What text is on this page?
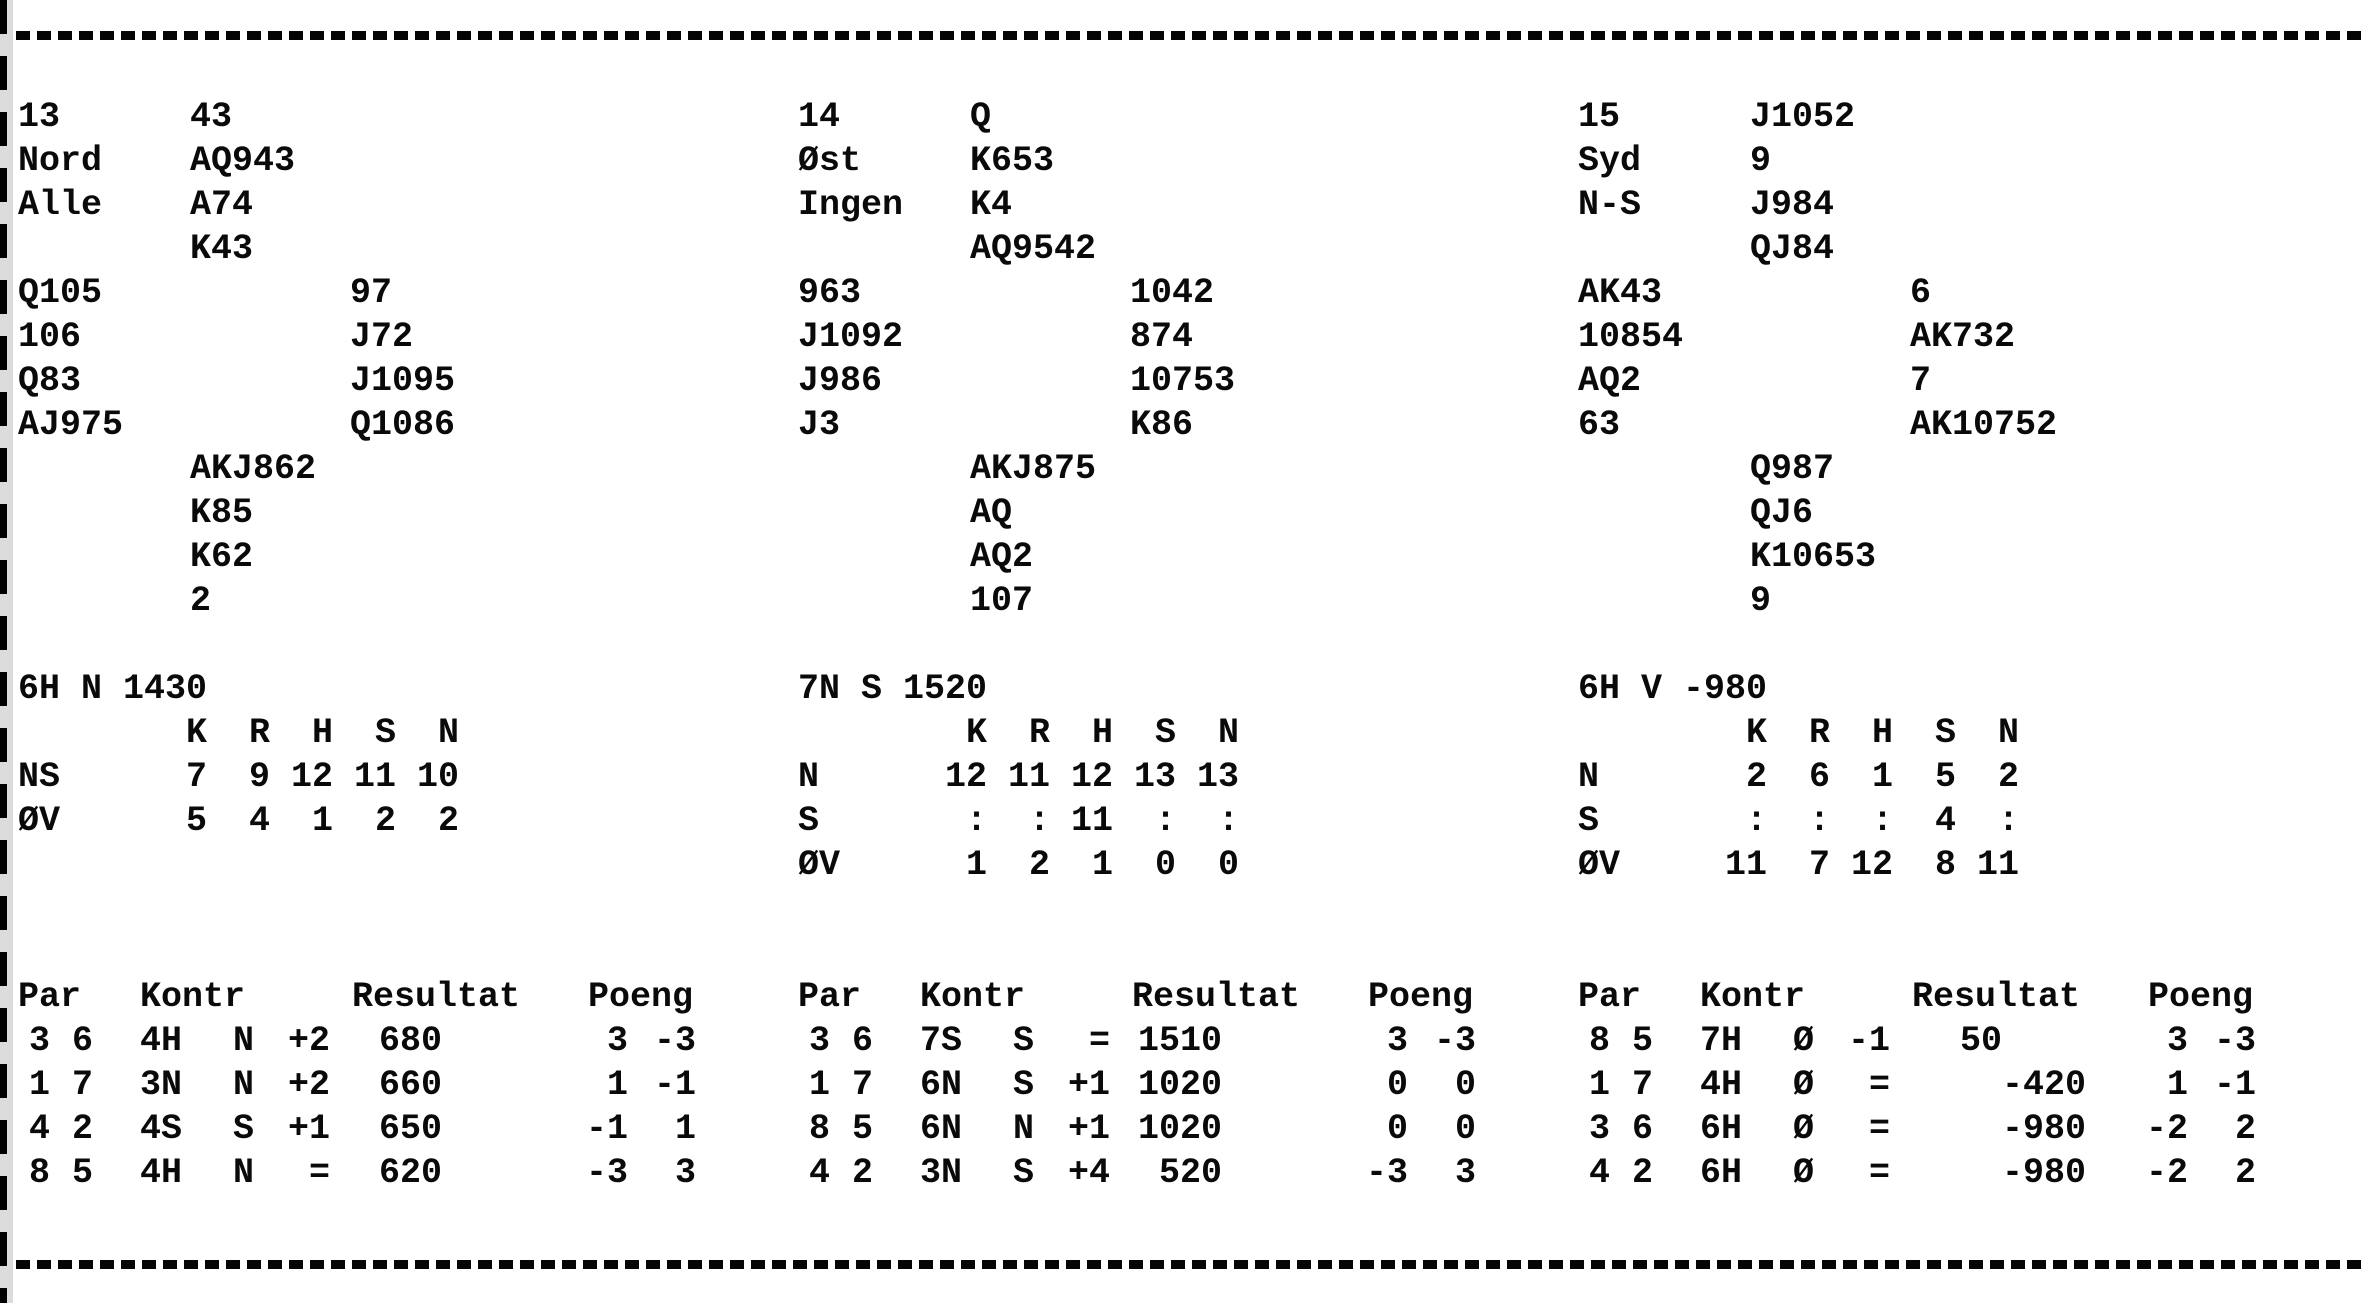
13
Nord
Alle
43
AQ943
A74
K43
Q105
106
Q83
AJ975
97
J72
J1095
Q1086
AKJ862
K85
K62
2
6H N 1430
K	R	H	S	N
NS	7	9 12 11 10
ØV	5	4	1	2	2
Par Kontr	Resultat Poeng
3 6 4H N +2	680	3 -3
1 7 3N N +2	660	1 -1
4 2 4S S +1	650	-1	1
8 5 4H N	=	620	-3	3
14
Øst
Ingen
Q
K653
K4
AQ9542
963
J1092
J986
J3
1042
874
10753
K86
AKJ875
AQ
AQ2
107
7N S 1520
K	R	H	S	N
N	12 11 12 13 13
S	:	: 11	:	:
ØV	1	2	1	0	0
Par Kontr	Resultat Poeng
3 6 7S S	= 1510	3 -3
1 7 6N S +1 1020	0	0
8 5 6N N +1 1020	0	0
4 2 3N S +4	520	-3	3
15
Syd
N-S
J1052
9
J984
QJ84
AK43
10854
AQ2
63
6
AK732
7
AK10752
Q987
QJ6
K10653
9
6H V -980
K	R	H	S	N
N	2	6	1	5	2
S	:	:	:	4	:
ØV	11	7 12	8 11
Par Kontr	Resultat Poeng
8 5 7H Ø -1	50	3 -3
1 7 4H Ø	=	-420	1 -1
3 6 6H Ø	=	-980	-2	2
4 2 6H Ø	=	-980	-2	2
